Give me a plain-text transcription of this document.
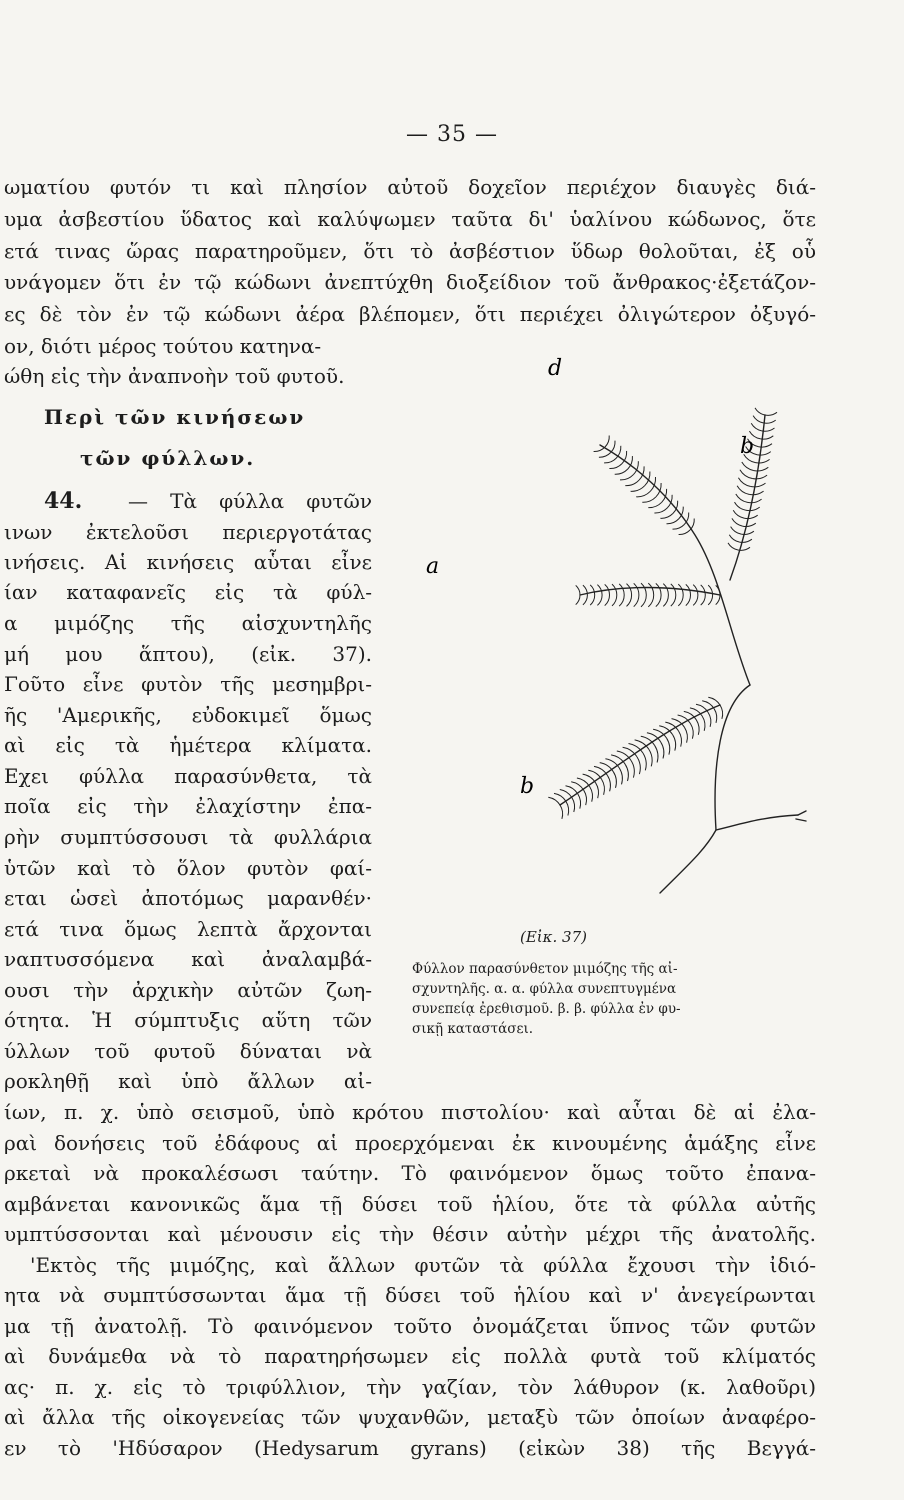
— 35 —
ωματίου φυτόν τι καὶ πλησίον αὐτοῦ δοχεῖον περιέχον διαυγὲς διά-
υμα ἀσβεστίου ὕδατος καὶ καλύψωμεν ταῦτα δι' ὑαλίνου κώδωνος, ὅτε
ετά τινας ὥρας παρατηροῦμεν, ὅτι τὸ ἀσβέστιον ὕδωρ θολοῦται, ἐξ οὗ
υνάγομεν ὅτι ἐν τῷ κώδωνι ἀνεπτύχθη διοξείδιον τοῦ ἄνθρακος·ἐξετάζον-
ες δὲ τὸν ἐν τῷ κώδωνι ἀέρα βλέπομεν, ὅτι περιέχει ὀλιγώτερον ὀξυγό-
ον, διότι μέρος τούτου κατηνα-
ώθη εἰς τὴν ἀναπνοὴν τοῦ φυτοῦ.
Περὶ τῶν κινήσεων
τῶν φύλλων.
44. — Τὰ φύλλα φυτῶν
ινων ἐκτελοῦσι περιεργοτάτας
ινήσεις. Αἱ κινήσεις αὗται εἶνε
ίαν καταφανεῖς εἰς τὰ φύλ-
α μιμόζης τῆς αἰσχυντηλῆς
μή μου ἅπτου), (εἰκ. 37).
Γοῦτο εἶνε φυτὸν τῆς μεσημβρι-
ῆς 'Αμερικῆς, εὐδοκιμεῖ ὅμως
αὶ εἰς τὰ ἡμέτερα κλίματα.
Εχει φύλλα παρασύνθετα, τὰ
ποῖα εἰς τὴν ἐλαχίστην ἐπα-
ρὴν συμπτύσσουσι τὰ φυλλάρια
ὑτῶν καὶ τὸ ὅλον φυτὸν φαί-
εται ὡσεὶ ἀποτόμως μαρανθέν·
ετά τινα ὅμως λεπτὰ ἄρχονται
ναπτυσσόμενα καὶ ἀναλαμβά-
ουσι τὴν ἀρχικὴν αὐτῶν ζωη-
ότητα. Ἡ σύμπτυξις αὕτη τῶν
ύλλων τοῦ φυτοῦ δύναται νὰ
ροκληθῇ καὶ ὑπὸ ἄλλων αἰ-
d
b
a
b
(Εἰκ. 37)
Φύλλον παρασύνθετον μιμόζης τῆς αἰ-
σχυντηλῆς. α. α. φύλλα συνεπτυγμένα
συνεπείᾳ ἐρεθισμοῦ. β. β. φύλλα ἐν φυ-
σικῇ καταστάσει.
ίων, π. χ. ὑπὸ σεισμοῦ, ὑπὸ κρότου πιστολίου· καὶ αὗται δὲ αἱ ἐλα-
ραὶ δονήσεις τοῦ ἐδάφους αἱ προερχόμεναι ἐκ κινουμένης ἁμάξης εἶνε
ρκεταὶ νὰ προκαλέσωσι ταύτην. Τὸ φαινόμενον ὅμως τοῦτο ἐπανα-
αμβάνεται κανονικῶς ἅμα τῇ δύσει τοῦ ἡλίου, ὅτε τὰ φύλλα αὐτῆς
υμπτύσσονται καὶ μένουσιν εἰς τὴν θέσιν αὐτὴν μέχρι τῆς ἀνατολῆς.
'Εκτὸς τῆς μιμόζης, καὶ ἄλλων φυτῶν τὰ φύλλα ἔχουσι τὴν ἰδιό-
ητα νὰ συμπτύσσωνται ἅμα τῇ δύσει τοῦ ἡλίου καὶ ν' ἀνεγείρωνται
μα τῇ ἀνατολῇ. Τὸ φαινόμενον τοῦτο ὀνομάζεται ὕπνος τῶν φυτῶν
αὶ δυνάμεθα νὰ τὸ παρατηρήσωμεν εἰς πολλὰ φυτὰ τοῦ κλίματός
ας· π. χ. εἰς τὸ τριφύλλιον, τὴν γαζίαν, τὸν λάθυρον (κ. λαθοῦρι)
αὶ ἄλλα τῆς οἰκογενείας τῶν ψυχανθῶν, μεταξὺ τῶν ὁποίων ἀναφέρο-
εν τὸ 'Ηδύσαρον (Hedysarum gyrans) (εἰκὼν 38) τῆς Βεγγά-
